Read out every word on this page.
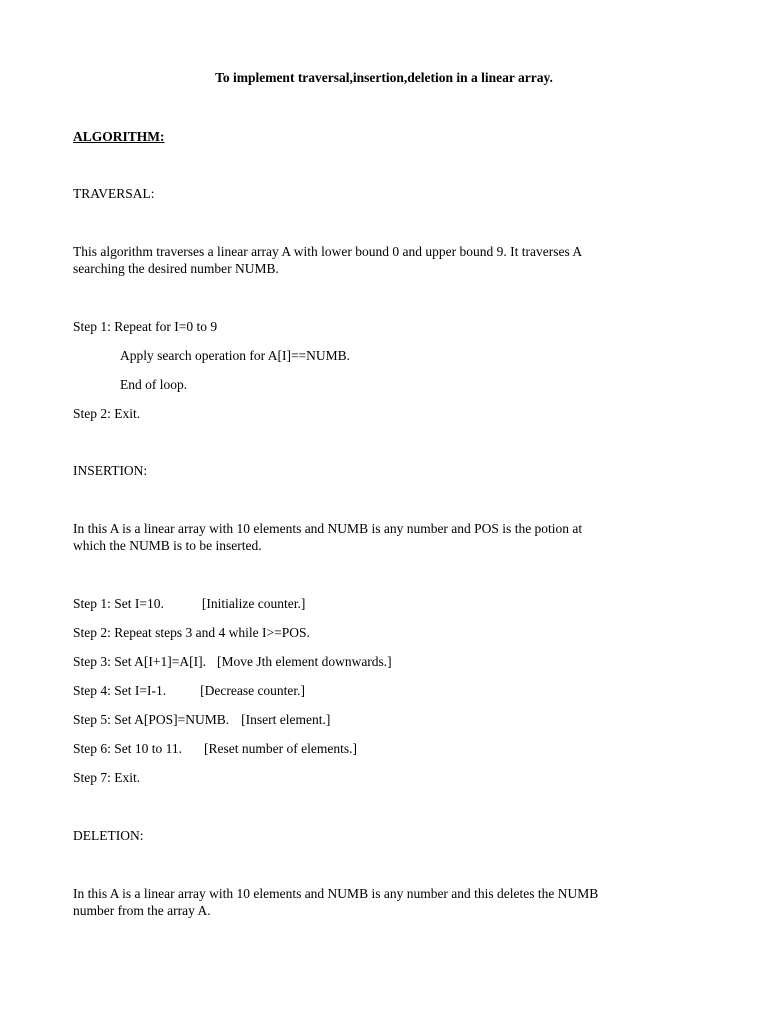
To implement traversal,insertion,deletion in a linear array.
ALGORITHM:
TRAVERSAL:
This algorithm traverses a linear array A with lower bound 0 and upper bound 9. It traverses A
searching the desired number NUMB.
Step 1: Repeat for I=0 to 9
Apply search operation for A[I]==NUMB.
End of loop.
Step 2: Exit.
INSERTION:
In this A is a linear array with 10 elements and NUMB is any number and POS is the potion at
which the NUMB is to be inserted.
Step 1: Set I=10.	[Initialize counter.]
Step 2: Repeat steps 3 and 4 while I>=POS.
Step 3: Set A[I+1]=A[I]. [Move Jth element downwards.]
Step 4: Set I=I-1.	[Decrease counter.]
Step 5: Set A[POS]=NUMB. [Insert element.]
Step 6: Set 10 to 11. [Reset number of elements.]
Step 7: Exit.
DELETION:
In this A is a linear array with 10 elements and NUMB is any number and this deletes the NUMB
number from the array A.
